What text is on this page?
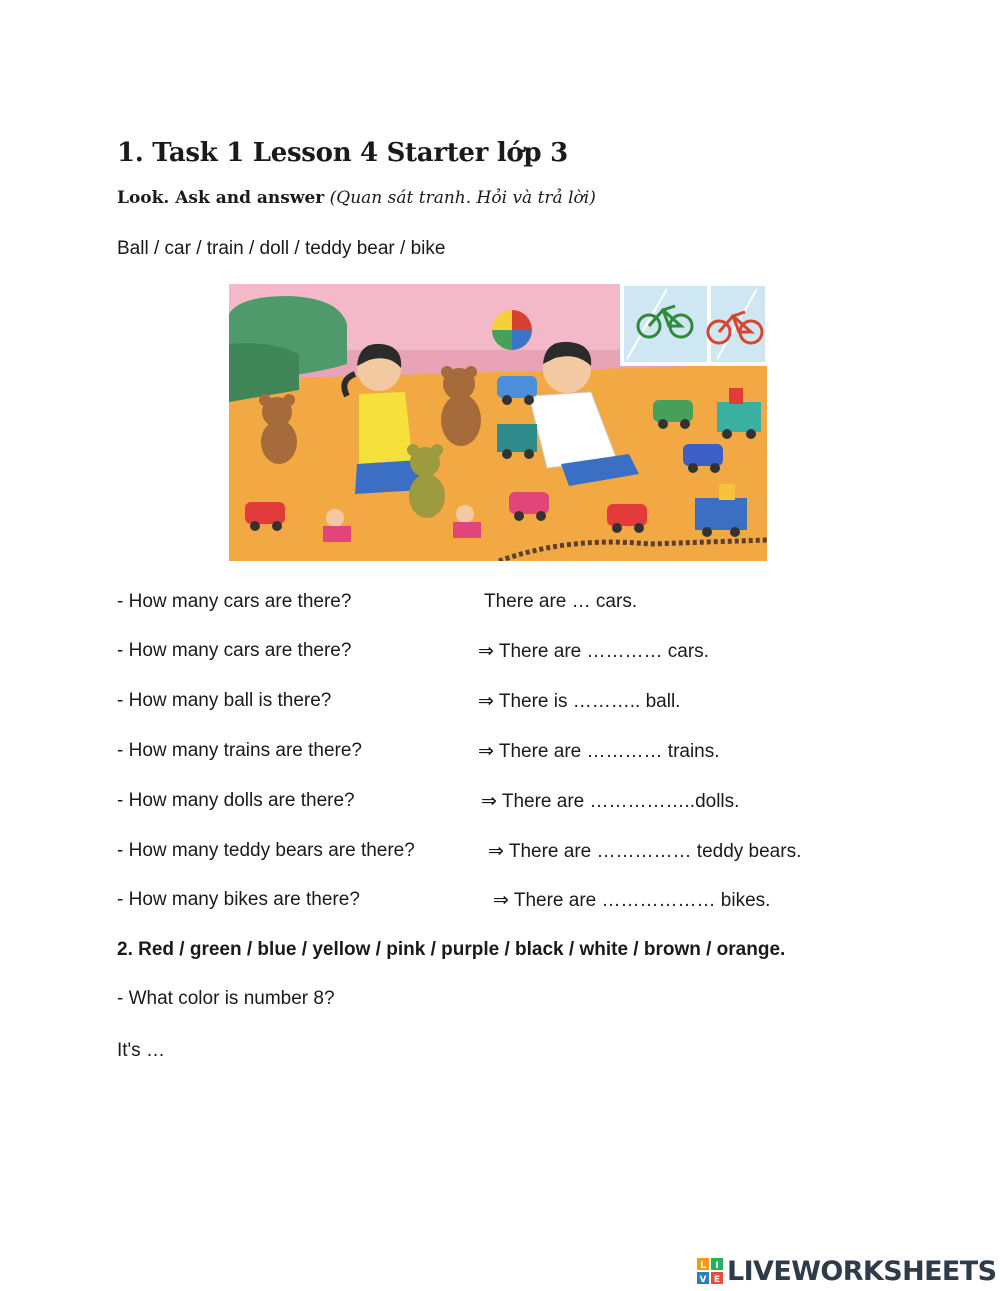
1. Task 1 Lesson 4 Starter lớp 3
Look. Ask and answer (Quan sát tranh. Hỏi và trả lời)
Ball / car / train / doll / teddy bear / bike
- How many cars are there?	There are … cars.
- How many cars are there?	⇒ There are ………… cars.
- How many ball is there?	⇒ There is ……….. ball.
- How many trains are there?	⇒ There are ………… trains.
- How many dolls are there?	⇒ There are ……………..dolls.
- How many teddy bears are there?	⇒ There are …………… teddy bears.
- How many bikes are there?	⇒ There are ……………… bikes.
2. Red / green / blue / yellow / pink / purple / black / white / brown / orange.
- What color is number 8?
It's …
L I
V E LIVEWORKSHEETS
